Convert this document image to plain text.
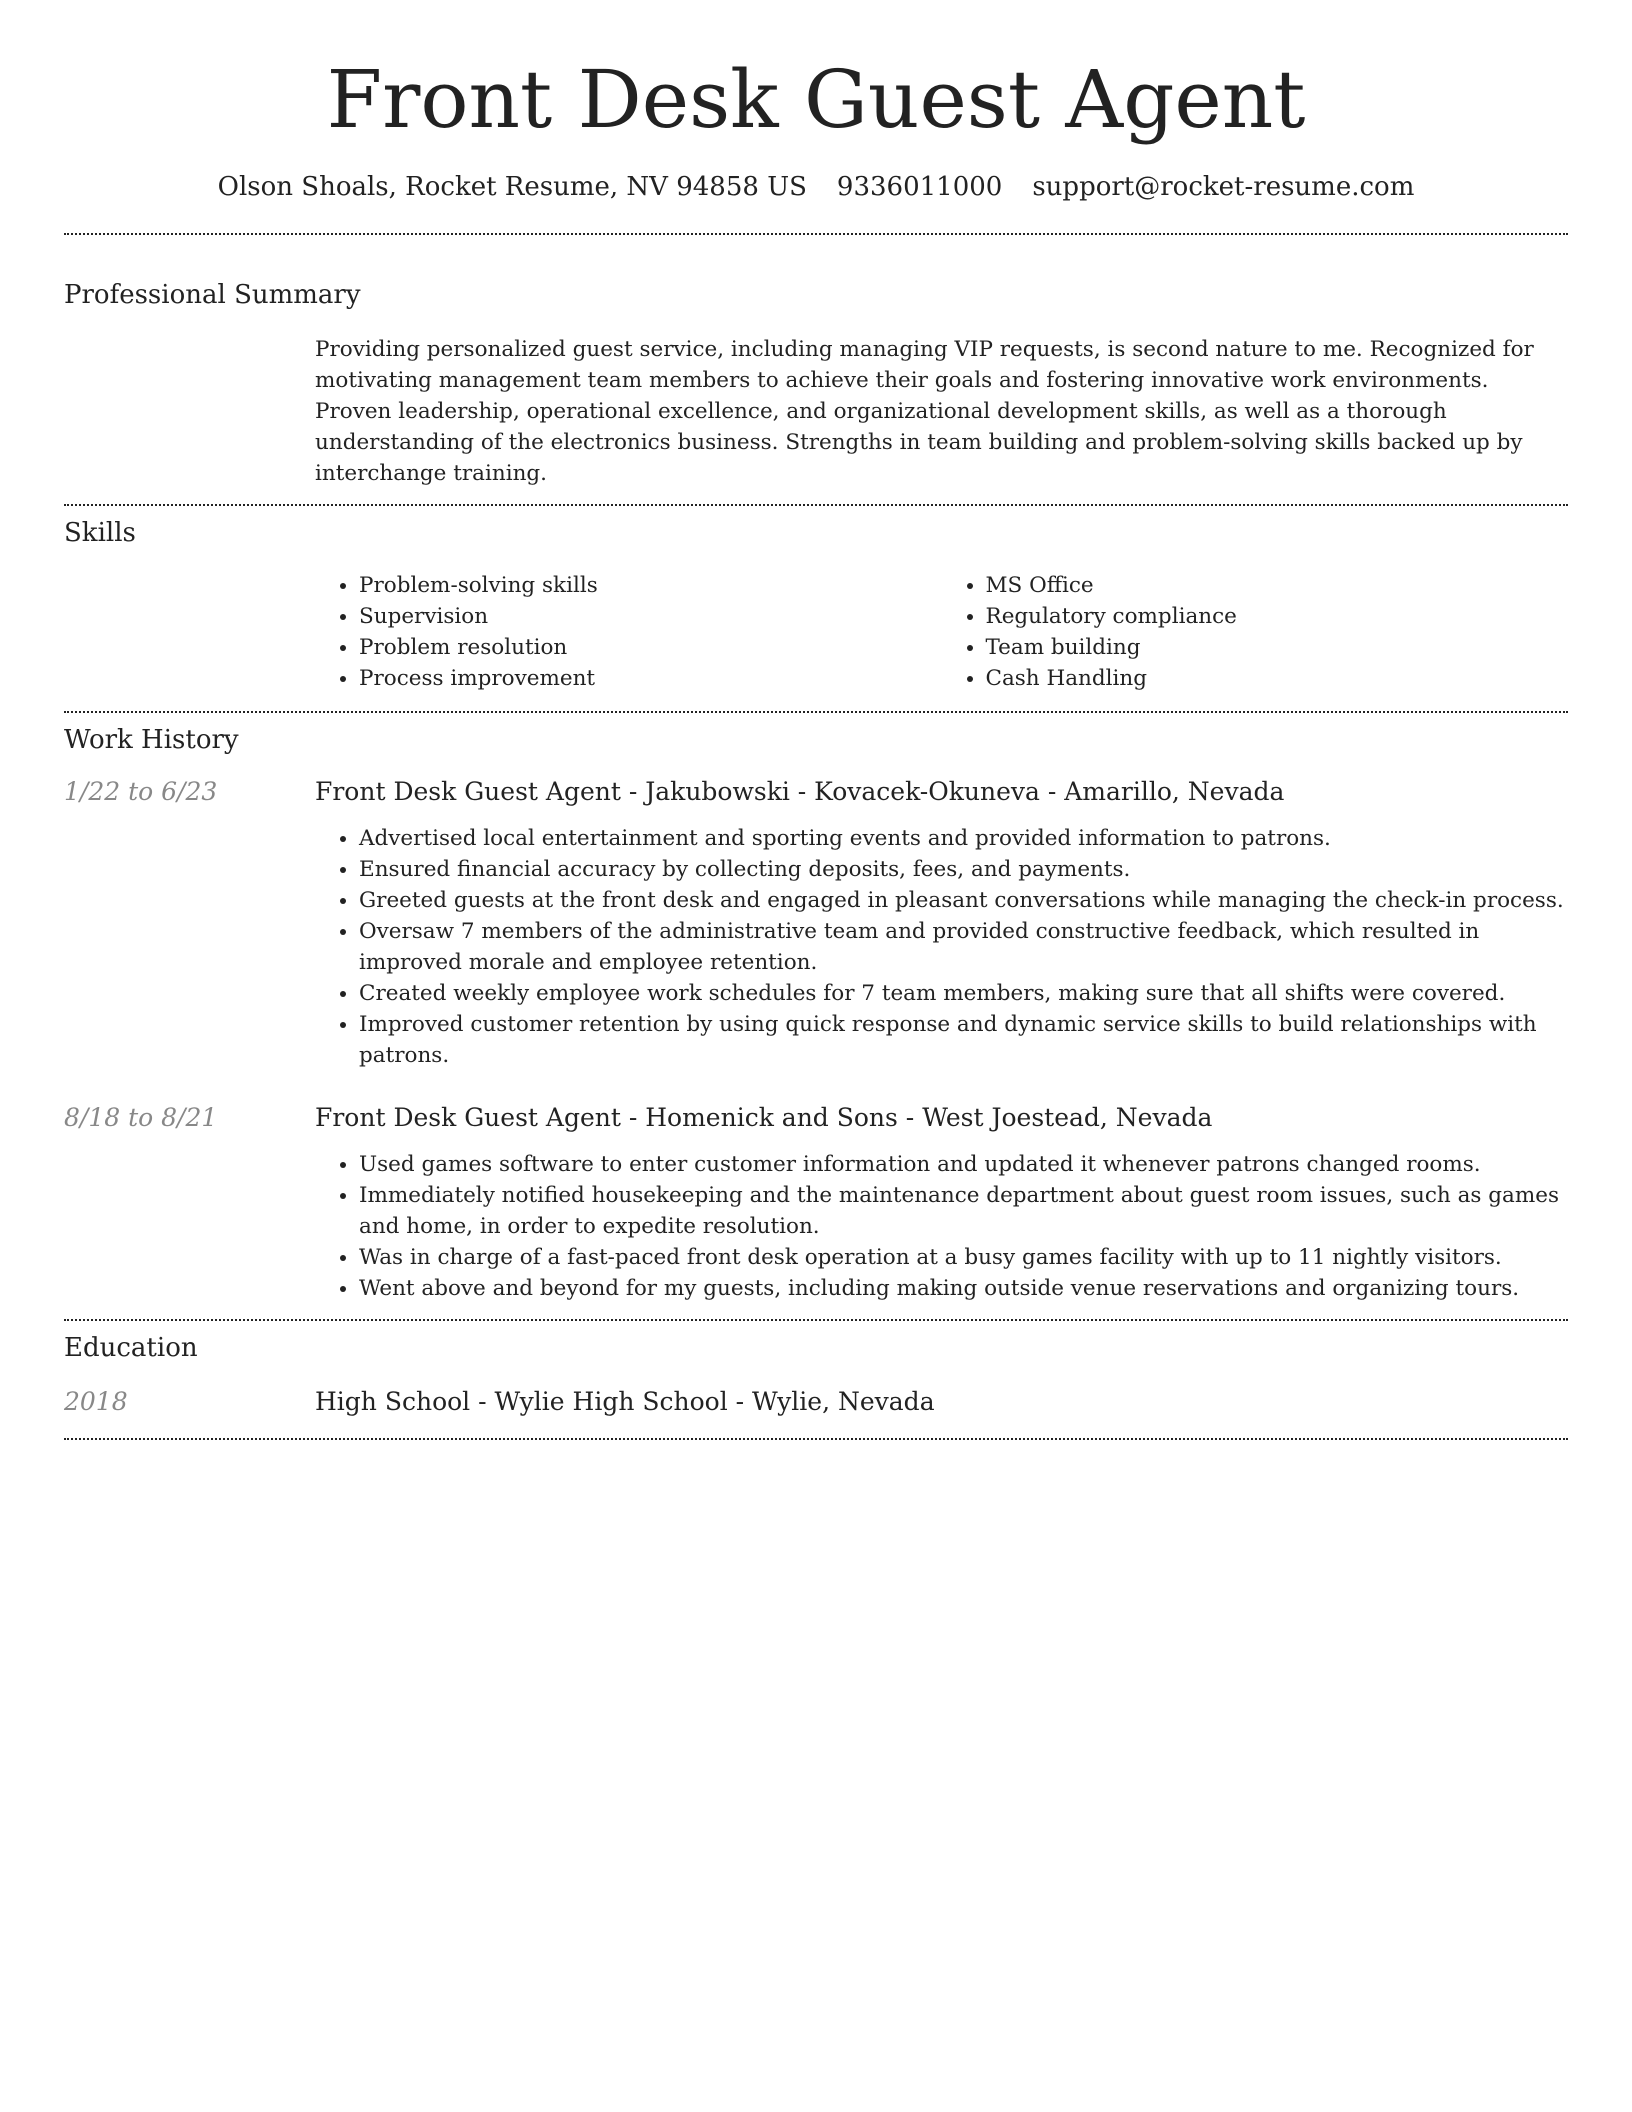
Front Desk Guest Agent
Olson Shoals, Rocket Resume, NV 94858 US 9336011000 support@rocket-resume.com
Professional Summary

Providing personalized guest service, including managing VIP requests, is second nature to me. Recognized for motivating management team members to achieve their goals and fostering innovative work environments. Proven leadership, operational excellence, and organizational development skills, as well as a thorough understanding of the electronics business. Strengths in team building and problem-solving skills backed up by interchange training.

Skills
• Problem-solving skills
• Supervision
• Problem resolution
• Process improvement
• MS Office
• Regulatory compliance
• Team building
• Cash Handling
Work History
1/22 to 6/23	Front Desk Guest Agent - Jakubowski - Kovacek-Okuneva - Amarillo, Nevada
• Advertised local entertainment and sporting events and provided information to patrons.
• Ensured financial accuracy by collecting deposits, fees, and payments.
• Greeted guests at the front desk and engaged in pleasant conversations while managing the check-in process.
• Oversaw 7 members of the administrative team and provided constructive feedback, which resulted in improved morale and employee retention.
• Created weekly employee work schedules for 7 team members, making sure that all shifts were covered.
• Improved customer retention by using quick response and dynamic service skills to build relationships with patrons.
8/18 to 8/21	Front Desk Guest Agent - Homenick and Sons - West Joestead, Nevada
• Used games software to enter customer information and updated it whenever patrons changed rooms.
• Immediately notified housekeeping and the maintenance department about guest room issues, such as games and home, in order to expedite resolution.
• Was in charge of a fast-paced front desk operation at a busy games facility with up to 11 nightly visitors.
• Went above and beyond for my guests, including making outside venue reservations and organizing tours.
Education
2018	High School - Wylie High School - Wylie, Nevada
